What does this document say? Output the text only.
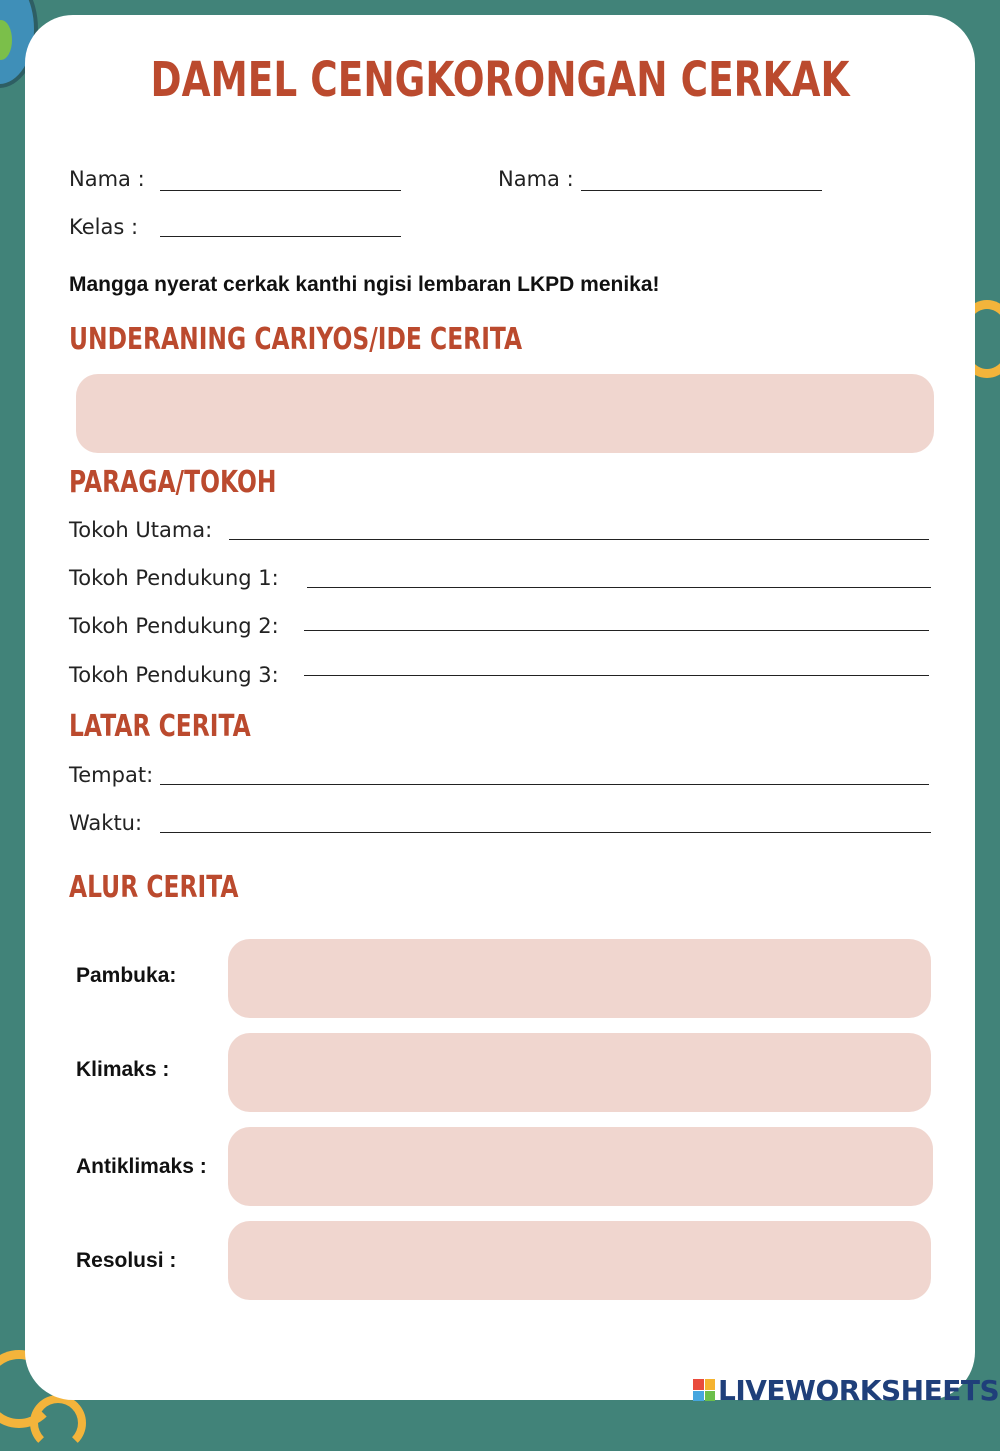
DAMEL CENGKORONGAN CERKAK
Nama :	Nama :
Kelas :
Mangga nyerat cerkak kanthi ngisi lembaran LKPD menika!
UNDERANING CARIYOS/IDE CERITA
PARAGA/TOKOH
Tokoh Utama:
Tokoh Pendukung 1:
Tokoh Pendukung 2:
Tokoh Pendukung 3:
LATAR CERITA
Tempat:
Waktu:
ALUR CERITA
Pambuka:
Klimaks :
Antiklimaks :
Resolusi :
LIVEWORKSHEETS
